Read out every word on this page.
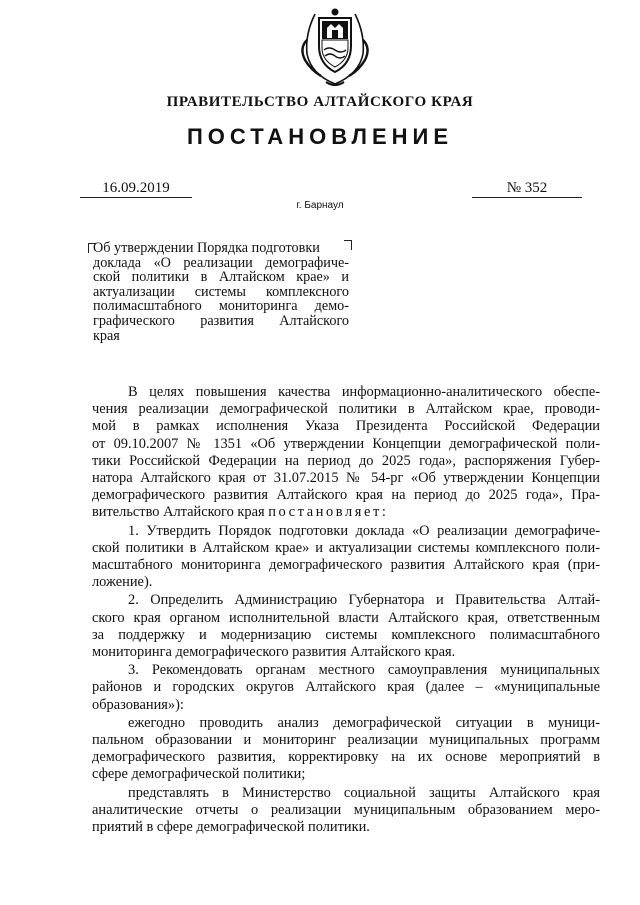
ПРАВИТЕЛЬСТВО АЛТАЙСКОГО КРАЯ
ПОСТАНОВЛЕНИЕ
16.09.2019	№ 352
г. Барнаул
Об утверждении Порядка подготовки
доклада «О реализации демографиче-
ской политики в Алтайском крае» и
актуализации системы комплексного
полимасштабного мониторинга демо-
графического развития Алтайского
края
В целях повышения качества информационно-аналитического обеспе-
чения реализации демографической политики в Алтайском крае, проводи-
мой в рамках исполнения Указа Президента Российской Федерации
от 09.10.2007 № 1351 «Об утверждении Концепции демографической поли-
тики Российской Федерации на период до 2025 года», распоряжения Губер-
натора Алтайского края от 31.07.2015 № 54-рг «Об утверждении Концепции
демографического развития Алтайского края на период до 2025 года», Пра-
вительство Алтайского края постановляет:
1. Утвердить Порядок подготовки доклада «О реализации демографиче-
ской политики в Алтайском крае» и актуализации системы комплексного поли-
масштабного мониторинга демографического развития Алтайского края (при-
ложение).
2. Определить Администрацию Губернатора и Правительства Алтай-
ского края органом исполнительной власти Алтайского края, ответственным
за поддержку и модернизацию системы комплексного полимасштабного
мониторинга демографического развития Алтайского края.
3. Рекомендовать органам местного самоуправления муниципальных
районов и городских округов Алтайского края (далее – «муниципальные
образования»):
ежегодно проводить анализ демографической ситуации в муници-
пальном образовании и мониторинг реализации муниципальных программ
демографического развития, корректировку на их основе мероприятий в
сфере демографической политики;
представлять в Министерство социальной защиты Алтайского края
аналитические отчеты о реализации муниципальным образованием меро-
приятий в сфере демографической политики.
